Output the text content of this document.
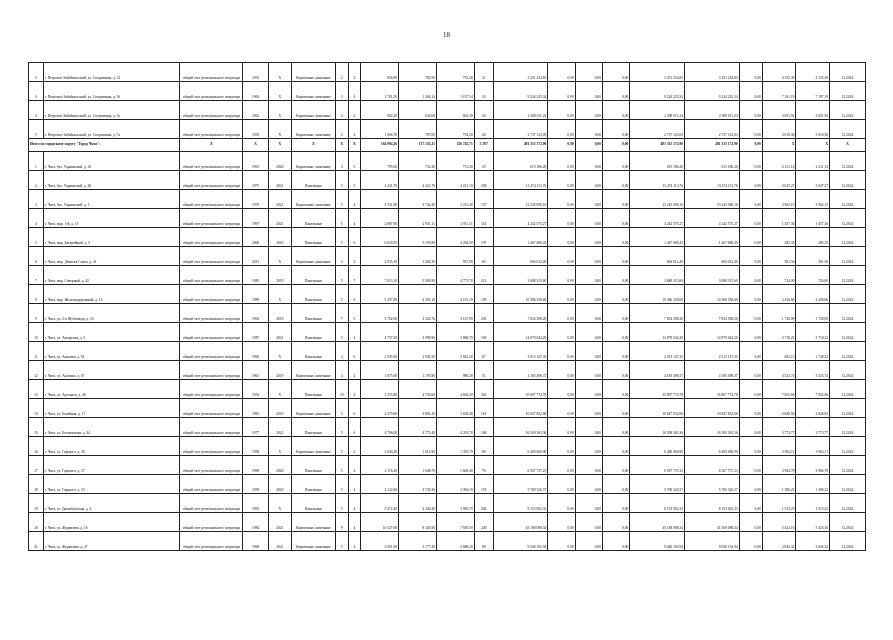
18
5	г. Петровск-Забайкальский, ул. Спортивная, д. 12	общий счет регионального оператора	1953	Х	Кирпичные, каменные	2	2	826,80	782,90	753,40	21	3 251 234,83	0,00	0,00	0,00	3 251 234,83	3 251 234,83	0,00	4 155,39	4 155,39	12.2024
3	г. Петровск-Забайкальский, ул. Спортивная, д. 16	общий счет регионального оператора	1963	Х	Кирпичные, каменные	3	4	1 781,50	1 264,14	1 197,54	43	9 224 225,34	0,00	0,00	0,00	9 224 225,34	9 224 225,34	0,00	7 161,19	7 197,19	12.2024
4	г. Петровск-Забайкальский, ул. Спортивная, д. 5а	общий счет регионального оператора	1962	Х	Кирпичные, каменные	2	2	682,20	632,00	601,30	20	2 308 011,24	0,00	0,00	0,00	2 308 011,24	2 308 011,24	0,00	3 651,92	3 651,92	12.2024
5	г. Петровск-Забайкальский, ул. Спортивная, д. 7а	общий счет регионального оператора	1955	Х	Кирпичные, каменные	2	2	1 006,70	787,00	754,20	26	2 737 123,03	0,00	0,00	0,00	2 737 123,03	2 737 123,03	0,00	3 010,36	3 010,36	12.2024
Итого по городскому округу "Город Чита":		Х	Х	Х	Х	Х	Х	164 994,26	137 155,21	126 745,71	5 297	481 315 172,90	0,00	0,00	0,00	481 315 172,90	481 315 172,90	0,00	Х	Х	Х
1	г. Чита, бул. Украинский, д. 16	общий счет регионального оператора	1961	2020	Кирпичные, каменные	3	3	795,60	731,40	731,40	25	615 186,20	0,00	0,00	0,00	615 186,20	615 186,20	0,00	2 211,14	2 211,14	12.2024
2	г. Чита, бул. Украинский, д. 26	общий счет регионального оператора	1975	2021	Панельные	5	5	4 431,70	4 421,70	4 221,10	209	13 474 113,76	0,00	0,00	0,00	13 474 113,76	13 474 113,76	0,00	3 047,27	3 047,27	12.2024
3	г. Чита, бул. Украинский, д. 5	общий счет регионального оператора	1970	2021	Кирпичные, каменные	5	4	4 331,80	3 742,49	3 231,40	157	13 245 090,16	0,00	0,00	0,00	13 245 090,16	13 245 090,16	0,00	3 962,15	3 962,15	12.2024
4	г. Чита, мкр. 1-й, д. 15	общий счет регионального оператора	1997	2021	Панельные	5	4	2 887,90	2 931,11	2 911,11	114	4 242 575,27	0,00	0,00	0,00	4 242 575,27	4 242 575,27	0,00	1 457,36	1 457,36	12.2024
5	г. Чита, мкр. Батарейный, д. 5	общий счет регионального оператора	2000	2020	Панельные	5	6	6 620,50	5 193,80	4 294,50	197	1 467 680,45	0,00	0,00	0,00	1 467 680,45	1 467 680,45	0,00	285,35	285,35	12.2024
6	г. Чита, мкр. Девичья Сопка, д. 41	общий счет регионального оператора	2013	Х	Кирпичные, каменные	3	2	2 035,10	1 204,30	957,90	65	604 012,49	0,00	0,00	0,00	604 012,49	604 012,49	0,00	501,56	501,56	12.2024
7	г. Чита, мкр. Северный, д. 42	общий счет регионального оператора	1985	2019	Панельные	5	7	7 013,10	5 090,90	4 773,70	212	3 688 315,60	0,00	0,00	0,00	3 688 315,60	3 688 315,60	0,00	724,00	724,00	12.2024
8	г. Чита, мкр. Железнодорожный, д. 14	общий счет регионального оператора	1989	Х	Панельные	5	6	5 297,80	4 301,10	4 101,10	190	10 366 330,60	0,00	0,00	0,00	10 366 330,60	10 366 330,60	0,00	2 436,66	2 436,66	12.2024
9	г. Чита, ул. 2-я Шубзавода, д. 33	общий счет регионального оператора	1994	2018	Панельные	7	3	3 762,90	3 320,76	3 167,90	201	7 834 508,20	0,00	0,00	0,00	7 834 508,20	7 834 508,20	0,00	1 728,09	1 728,09	12.2024
10	г. Чита, ул. Ангарская, д. 5	общий счет регионального оператора	1987	2021	Панельные	5	4	4 757,30	3 990,96	3 868,70	169	14 879 044,20	0,00	0,00	0,00	14 879 044,20	14 879 044,20	0,00	3 718,22	3 718,22	12.2024
11	г. Чита, ул. Анохина, д. 61	общий счет регионального оператора	1960	Х	Панельные	4	6	2 945,50	2 945,50	2 842,30	67	2 013 147,35	0,00	0,00	0,00	2 013 147,35	2 013 147,35	0,00	682,13	1 748,22	12.2024
12	г. Чита, ул. Анохина, д. 67	общий счет регионального оператора	1961	2019	Кирпичные, каменные	4	2	1 075,00	1 197,80	980,20	51	4 185 498,37	0,00	0,00	0,00	4 185 498,37	4 185 498,37	0,00	3 523,74	3 523,74	12.2024
13	г. Чита, ул. Арсенала, д. 46	общий счет регионального оператора	1954	Х	Панельные	10	2	5 335,80	4 733,60	4 604,20	302	35 807 774,78	0,00	0,00	0,00	35 807 774,78	35 807 774,78	0,00	7 052,66	7 052,66	12.2024
14	г. Чита, ул. Балейная, д. 17	общий счет регионального оператора	1981	2019	Кирпичные, каменные	5	6	4 270,60	3 801,20	3 638,40	161	10 847 832,68	0,00	0,00	0,00	10 847 832,68	10 847 832,68	0,00	2 846,92	2 846,92	12.2024
15	г. Чита, ул. Богомягкова, д. 44	общий счет регионального оператора	1977	2021	Панельные	5	6	4 796,00	4 773,40	4 293,70	168	16 509 363,36	0,00	0,00	0,00	16 509 363,36	16 509 363,36	0,00	3 773,77	3 773,77	12.2024
16	г. Чита, ул. Горького, д. 30	общий счет регионального оператора	1958	Х	Кирпичные, каменные	5	2	2 044,20	1 613,90	1 393,70	69	6 400 060,90	0,00	0,00	0,00	6 400 060,90	6 400 060,90	0,00	3 962,11	3 962,11	12.2024
17	г. Чита, ул. Горького, д. 37	общий счет регионального оператора	1969	2020	Панельные	5	2	2 116,20	1 648,70	1 600,40	76	6 567 737,23	0,00	0,00	0,00	6 567 737,23	6 567 737,23	0,00	3 984,78	3 984,78	12.2024
18	г. Чита, ул. Горького, д. 53	общий счет регионального оператора	1959	2020	Панельные	5	4	4 122,60	3 745,36	3 394,10	155	5 700 326,57	0,00	0,00	0,00	5 700 326,57	5 700 326,57	0,00	1 386,22	1 386,22	12.2024
19	г. Чита, ул. Джамбульская, д. 4	общий счет регионального оператора	1993	Х	Панельные	5	4	5 472,40	4 340,40	3 965,70	204	8 153 002,33	0,00	0,00	0,00	8 153 002,33	8 153 002,33	0,00	1 515,25	1 515,25	12.2024
20	г. Чита, ул. Журавлева, д. 16	общий счет регионального оператора	1984	2021	Кирпичные, каменные	9	4	10 327,60	8 329,50	7 600,50	240	45 168 088,34	0,00	0,00	0,00	45 168 088,34	45 168 088,34	0,00	5 423,16	5 423,16	12.2024
21	г. Чита, ул. Журавлева, д. 47	общий счет регионального оператора	1969	2021	Кирпичные, каменные	5	4	3 501,90	3 177,20	2 688,20	89	9 040 192,94	0,00	0,00	0,00	9 040 192,94	9 040 192,94	0,00	2 845,32	2 845,32	12.2024
